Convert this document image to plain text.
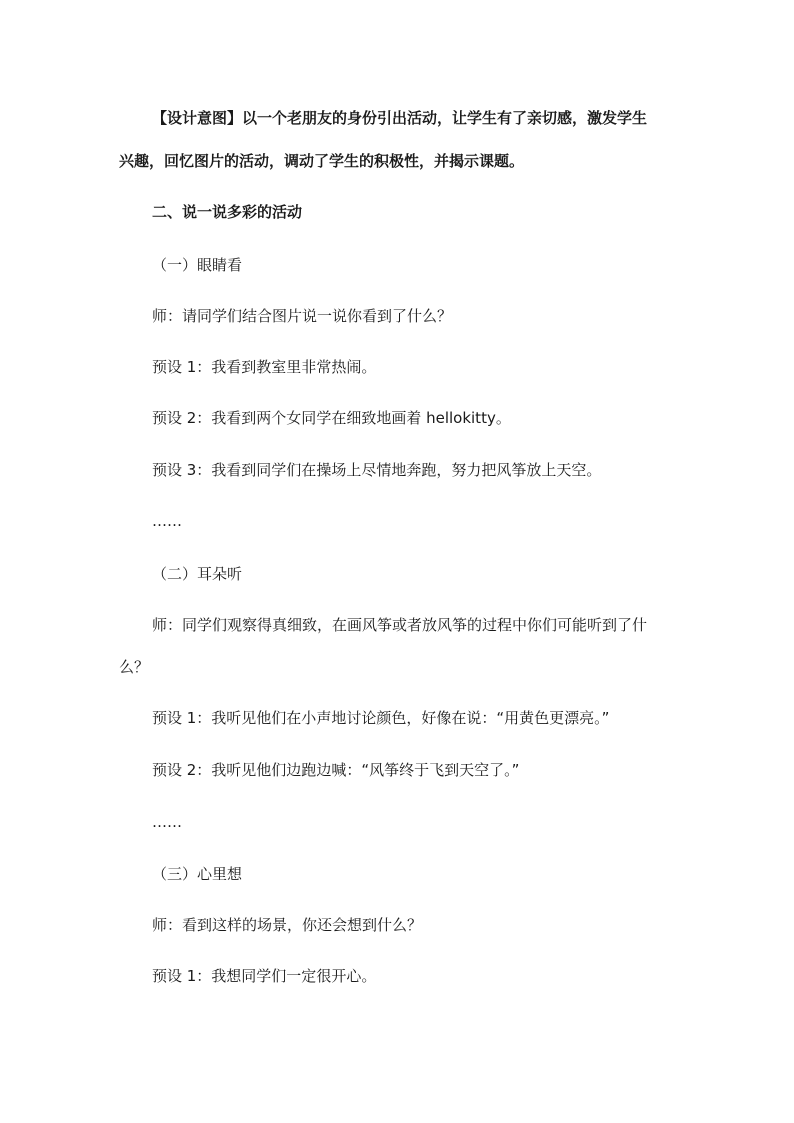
【设计意图】以一个老朋友的身份引出活动，让学生有了亲切感，激发学生
兴趣，回忆图片的活动，调动了学生的积极性，并揭示课题。
二、说一说多彩的活动
（一）眼睛看
师：请同学们结合图片说一说你看到了什么？
预设 1：我看到教室里非常热闹。
预设 2：我看到两个女同学在细致地画着 hellokitty。
预设 3：我看到同学们在操场上尽情地奔跑，努力把风筝放上天空。
……
（二）耳朵听
师：同学们观察得真细致，在画风筝或者放风筝的过程中你们可能听到了什
么？
预设 1：我听见他们在小声地讨论颜色，好像在说：“用黄色更漂亮。”
预设 2：我听见他们边跑边喊：“风筝终于飞到天空了。”
……
（三）心里想
师：看到这样的场景，你还会想到什么？
预设 1：我想同学们一定很开心。
